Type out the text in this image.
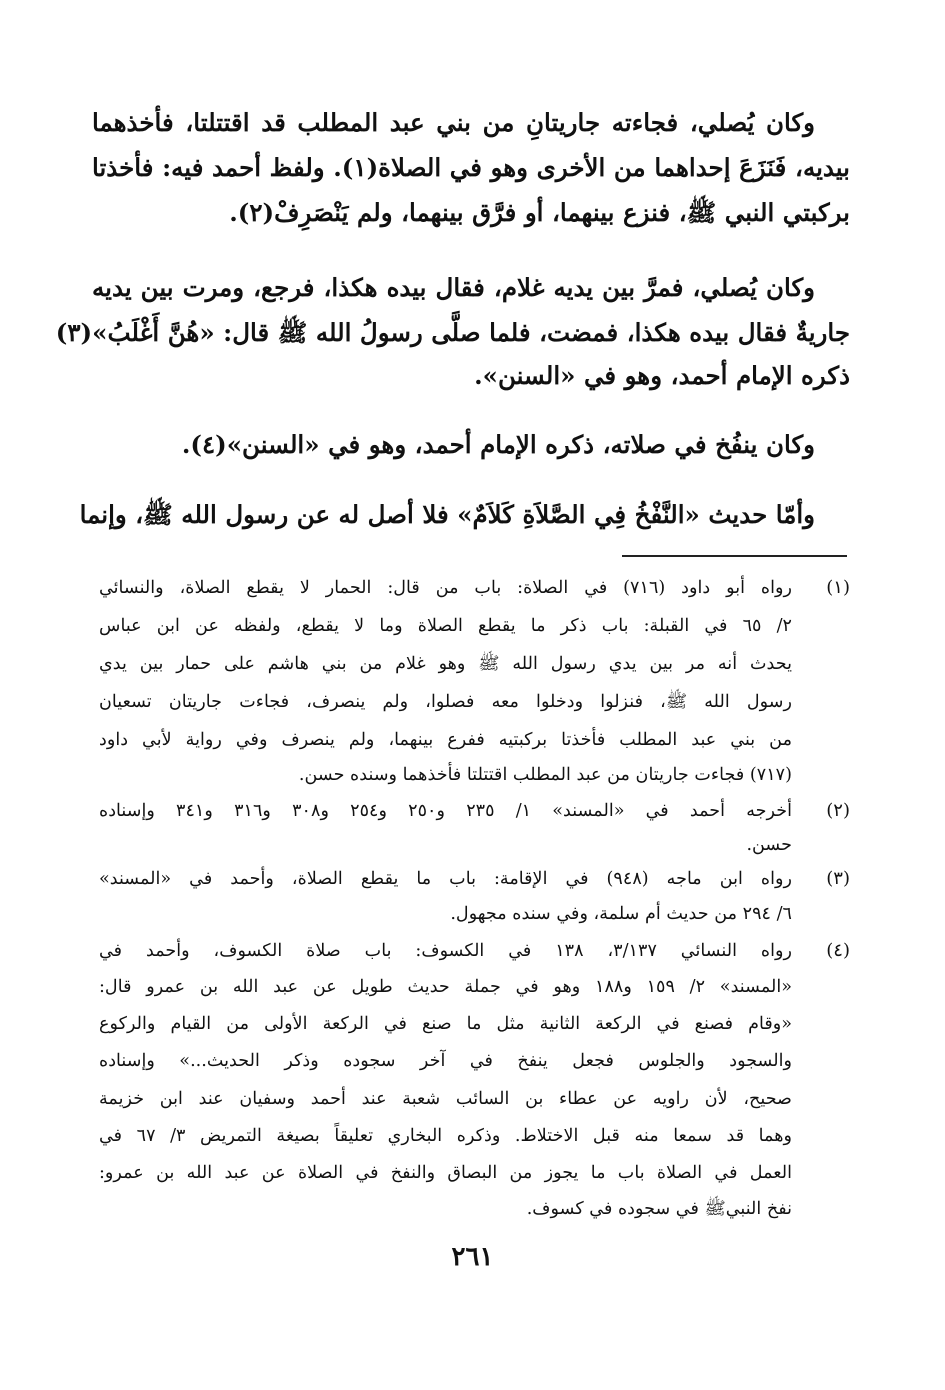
وكان يُصلي، فجاءته جاريتانِ من بني عبد المطلب قد اقتتلتا، فأخذهما
بيديه، فَنَزَعَ إحداهما من الأخرى وهو في الصلاة(١). ولفظ أحمد فيه: فأخذتا
بركبتي النبي ﷺ، فنزع بينهما، أو فرَّق بينهما، ولم يَنْصَرِفْ(٢).
وكان يُصلي، فمرَّ بين يديه غلام، فقال بيده هكذا، فرجع، ومرت بين يديه
جاريةٌ فقال بيده هكذا، فمضت، فلما صلَّى رسولُ الله ﷺ قال: «هُنَّ أَغْلَبُ»(٣)
ذكره الإمام أحمد، وهو في «السنن».
وكان ينفُخ في صلاته، ذكره الإمام أحمد، وهو في «السنن»(٤).
وأمّا حديث «النَّفْخُ فِي الصَّلاَةِ كَلاَمٌ» فلا أصل له عن رسول الله ﷺ، وإنما
(١)
رواه أبو داود (٧١٦) في الصلاة: باب من قال: الحمار لا يقطع الصلاة، والنسائي
٢/ ٦٥ في القبلة: باب ذكر ما يقطع الصلاة وما لا يقطع، ولفظه عن ابن عباس
يحدث أنه مر بين يدي رسول الله ﷺ وهو غلام من بني هاشم على حمار بين يدي
رسول الله ﷺ، فنزلوا ودخلوا معه فصلوا، ولم ينصرف، فجاءت جاريتان تسعيان
من بني عبد المطلب فأخذتا بركبتيه ففرع بينهما، ولم ينصرف وفي رواية لأبي داود
(٧١٧) فجاءت جاريتان من عبد المطلب اقتتلتا فأخذهما وسنده حسن.
(٢)
أخرجه أحمد في «المسند» ١/ ٢٣٥ و٢٥٠ و٢٥٤ و٣٠٨ و٣١٦ و٣٤١ وإسناده
حسن.
(٣)
رواه ابن ماجه (٩٤٨) في الإقامة: باب ما يقطع الصلاة، وأحمد في «المسند»
٦/ ٢٩٤ من حديث أم سلمة، وفي سنده مجهول.
(٤)
رواه النسائي ٣/١٣٧، ١٣٨ في الكسوف: باب صلاة الكسوف، وأحمد في
«المسند» ٢/ ١٥٩ و١٨٨ وهو في جملة حديث طويل عن عبد الله بن عمرو قال:
«وقام فصنع في الركعة الثانية مثل ما صنع في الركعة الأولى من القيام والركوع
والسجود والجلوس فجعل ينفخ في آخر سجوده وذكر الحديث...» وإسناده
صحيح، لأن راويه عن عطاء بن السائب شعبة عند أحمد وسفيان عند ابن خزيمة
وهما قد سمعا منه قبل الاختلاط. وذكره البخاري تعليقاً بصيغة التمريض ٣/ ٦٧ في
العمل في الصلاة باب ما يجوز من البصاق والنفخ في الصلاة عن عبد الله بن عمرو:
نفخ النبيﷺ في سجوده في كسوف.
٢٦١
